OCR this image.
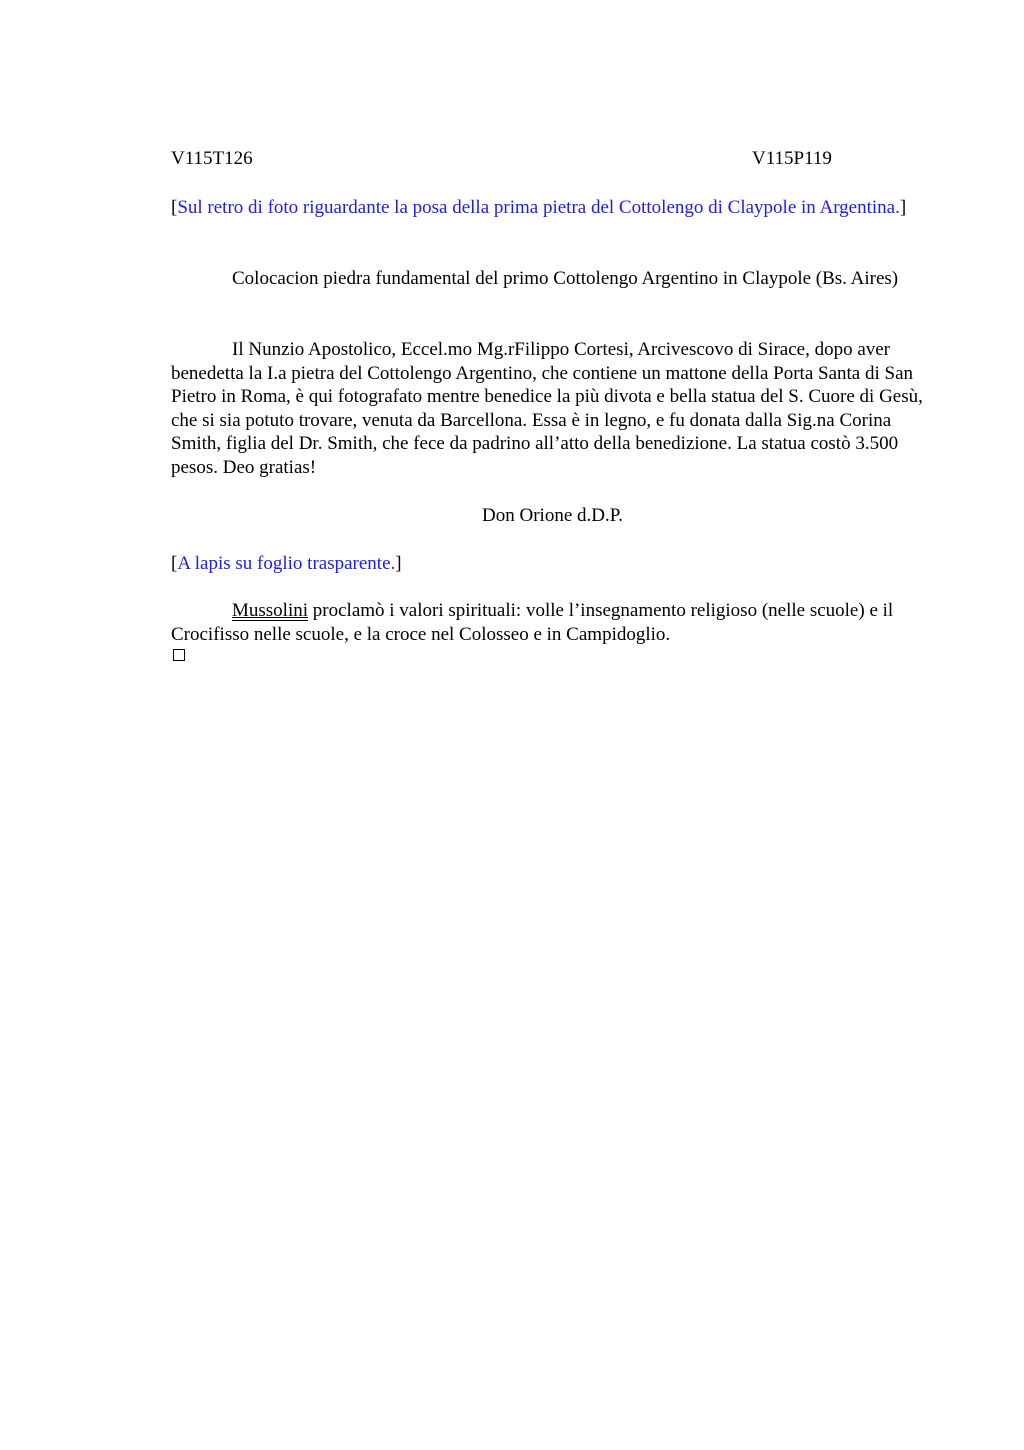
V115T126	V115P119

[Sul retro di foto riguardante la posa della prima pietra del Cottolengo di Claypole in Argentina.]

Colocacion piedra fundamental del primo Cottolengo Argentino in Claypole (Bs. Aires)

Il Nunzio Apostolico, Eccel.mo Mg.rFilippo Cortesi, Arcivescovo di Sirace, dopo aver benedetta la I.a pietra del Cottolengo Argentino, che contiene un mattone della Porta Santa di San Pietro in Roma, è qui fotografato mentre benedice la più divota e bella statua del S. Cuore di Gesù, che si sia potuto trovare, venuta da Barcellona. Essa è in legno, e fu donata dalla Sig.na Corina Smith, figlia del Dr. Smith, che fece da padrino all’atto della benedizione. La statua costò 3.500 pesos. Deo gratias!

Don Orione d.D.P.

[A lapis su foglio trasparente.]

Mussolini proclamò i valori spirituali: volle l’insegnamento religioso (nelle scuole) e il Crocifisso nelle scuole, e la croce nel Colosseo e in Campidoglio.
